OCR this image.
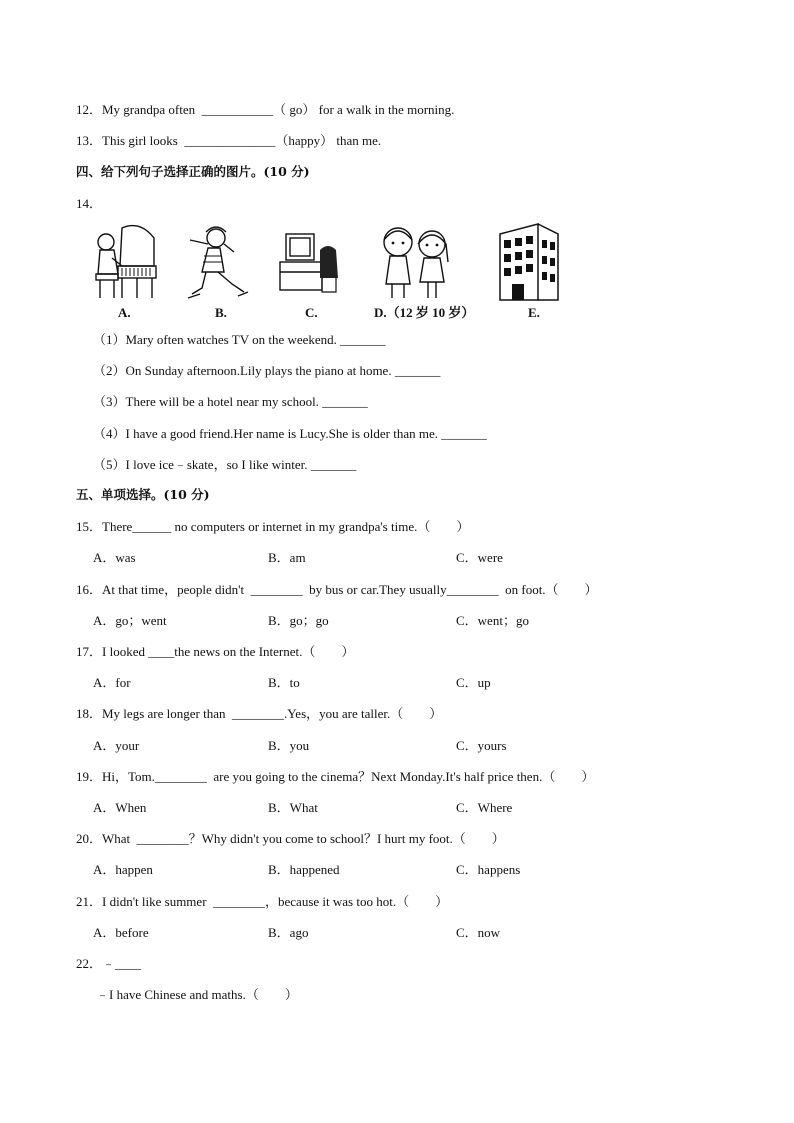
12．My grandpa often  ___________（ go） for a walk in the morning.
13．This girl looks  ______________（happy） than me.
四、给下列句子选择正确的图片。(10 分)
14．
A.	B.	C.	D.（12 岁 10 岁）	E.
（1）Mary often watches TV on the weekend. _______
（2）On Sunday afternoon.Lily plays the piano at home. _______
（3）There will be a hotel near my school. _______
（4）I have a good friend.Her name is Lucy.She is older than me. _______
（5）I love ice﹣skate，so I like winter. _______
五、单项选择。(10 分)
15．There______ no computers or internet in my grandpa's time.（　　）
A．was	B．am	C．were
16．At that time，people didn't  ________  by bus or car.They usually________  on foot.（　　）
A．go；went	B．go；go	C．went；go
17．I looked ____the news on the Internet.（　　）
A．for	B．to	C．up
18．My legs are longer than  ________.Yes，you are taller.（　　）
A．your	B．you	C．yours
19．Hi，Tom.________  are you going to the cinema？Next Monday.It's half price then.（　　）
A．When	B．What	C．Where
20．What  ________？Why didn't you come to school？I hurt my foot.（　　）
A．happen	B．happened	C．happens
21．I didn't like summer  ________，because it was too hot.（　　）
A．before	B．ago	C．now
22．﹣____
﹣I have Chinese and maths.（　　）
